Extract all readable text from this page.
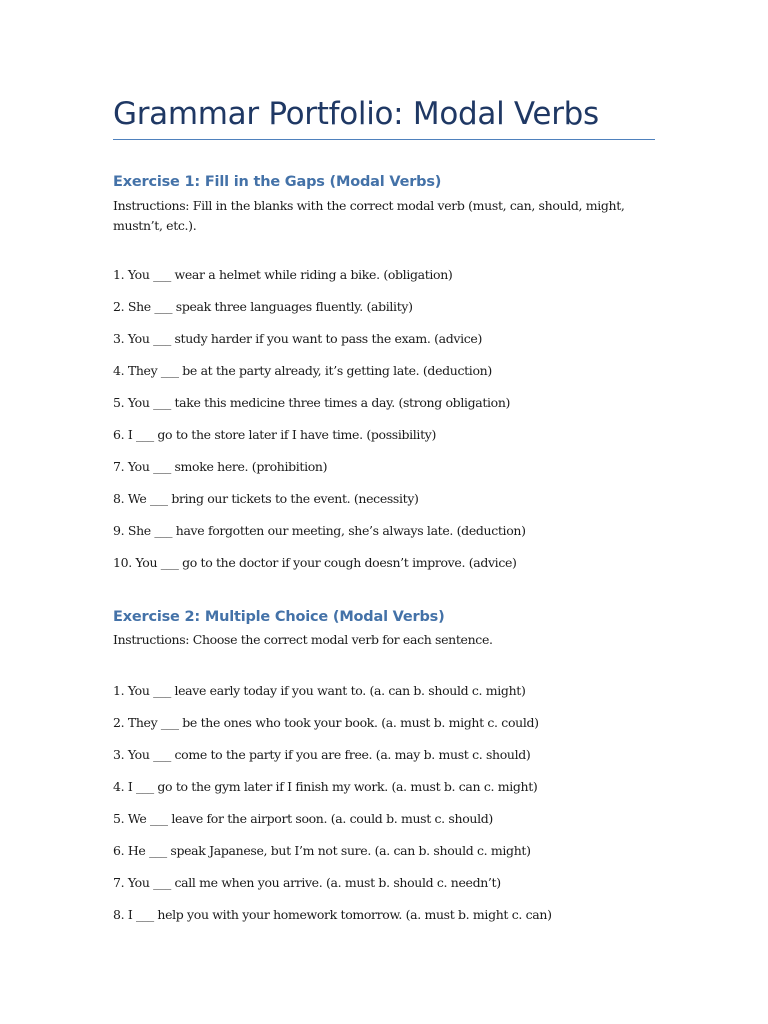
Grammar Portfolio: Modal Verbs
Exercise 1: Fill in the Gaps (Modal Verbs)

Instructions: Fill in the blanks with the correct modal verb (must, can, should, might, mustn’t, etc.).

1. You ___ wear a helmet while riding a bike. (obligation)

2. She ___ speak three languages fluently. (ability)

3. You ___ study harder if you want to pass the exam. (advice)

4. They ___ be at the party already, it’s getting late. (deduction)

5. You ___ take this medicine three times a day. (strong obligation)

6. I ___ go to the store later if I have time. (possibility)

7. You ___ smoke here. (prohibition)

8. We ___ bring our tickets to the event. (necessity)

9. She ___ have forgotten our meeting, she’s always late. (deduction)

10. You ___ go to the doctor if your cough doesn’t improve. (advice)

Exercise 2: Multiple Choice (Modal Verbs)

Instructions: Choose the correct modal verb for each sentence.

1. You ___ leave early today if you want to. (a. can b. should c. might)

2. They ___ be the ones who took your book. (a. must b. might c. could)

3. You ___ come to the party if you are free. (a. may b. must c. should)

4. I ___ go to the gym later if I finish my work. (a. must b. can c. might)

5. We ___ leave for the airport soon. (a. could b. must c. should)

6. He ___ speak Japanese, but I’m not sure. (a. can b. should c. might)

7. You ___ call me when you arrive. (a. must b. should c. needn’t)

8. I ___ help you with your homework tomorrow. (a. must b. might c. can)
